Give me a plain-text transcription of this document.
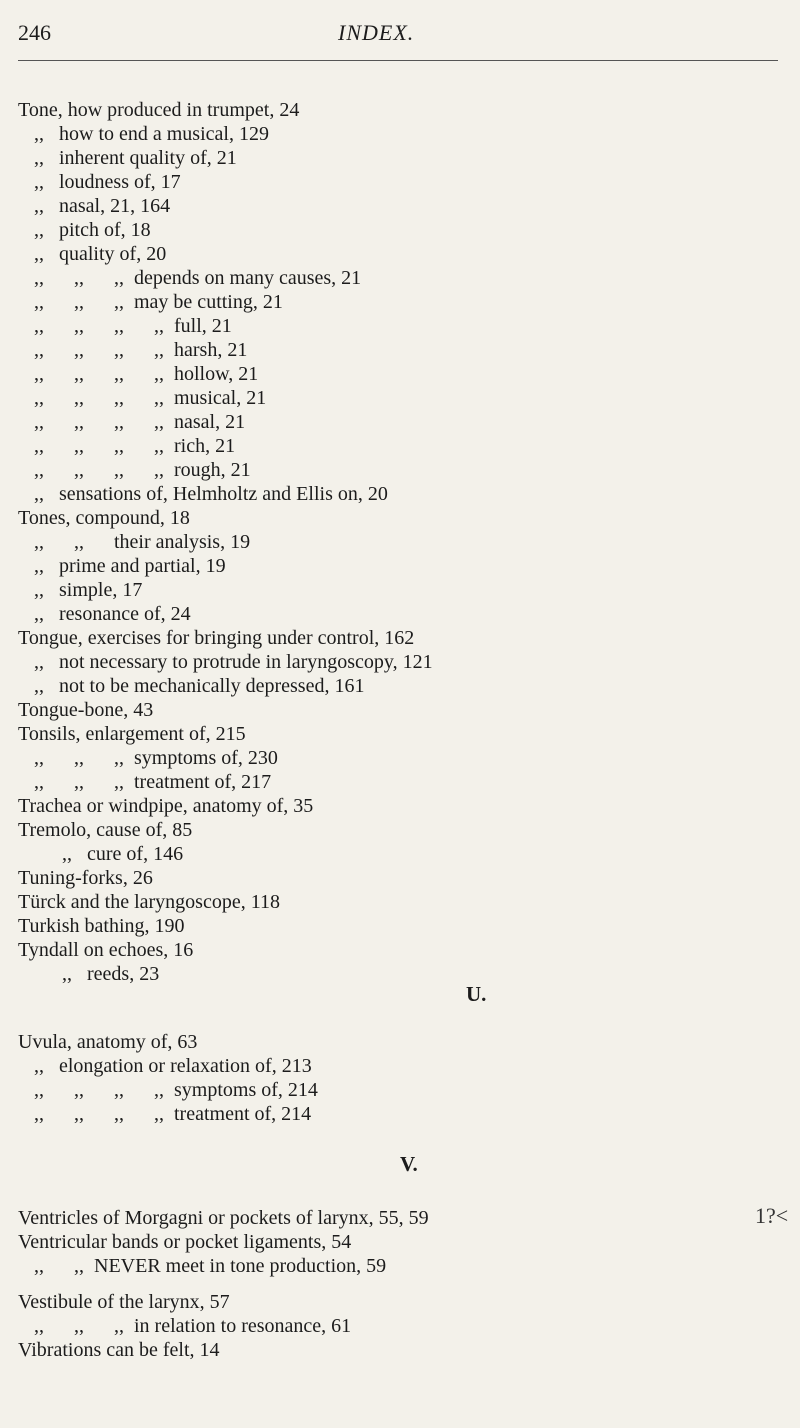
246	INDEX.
Tone, how produced in trumpet, 24
,,   how to end a musical, 129
,,   inherent quality of, 21
,,   loudness of, 17
,,   nasal, 21, 164
,,   pitch of, 18
,,   quality of, 20
,,      ,,      ,,  depends on many causes, 21
,,      ,,      ,,  may be cutting, 21
,,      ,,      ,,      ,,  full, 21
,,      ,,      ,,      ,,  harsh, 21
,,      ,,      ,,      ,,  hollow, 21
,,      ,,      ,,      ,,  musical, 21
,,      ,,      ,,      ,,  nasal, 21
,,      ,,      ,,      ,,  rich, 21
,,      ,,      ,,      ,,  rough, 21
,,   sensations of, Helmholtz and Ellis on, 20
Tones, compound, 18
,,      ,,      their analysis, 19
,,   prime and partial, 19
,,   simple, 17
,,   resonance of, 24
Tongue, exercises for bringing under control, 162
,,   not necessary to protrude in laryngoscopy, 121
,,   not to be mechanically depressed, 161
Tongue-bone, 43
Tonsils, enlargement of, 215
,,      ,,      ,,  symptoms of, 230
,,      ,,      ,,  treatment of, 217
Trachea or windpipe, anatomy of, 35
Tremolo, cause of, 85
,,   cure of, 146
Tuning-forks, 26
Türck and the laryngoscope, 118
Turkish bathing, 190
Tyndall on echoes, 16
,,   reeds, 23
Uvula, anatomy of, 63
,,   elongation or relaxation of, 213
,,      ,,      ,,      ,,  symptoms of, 214
,,      ,,      ,,      ,,  treatment of, 214
Ventricles of Morgagni or pockets of larynx, 55, 59
Ventricular bands or pocket ligaments, 54
,,      ,,  NEVER meet in tone production, 59
Vestibule of the larynx, 57
,,      ,,      ,,  in relation to resonance, 61
Vibrations can be felt, 14
U.
V.
1?<
